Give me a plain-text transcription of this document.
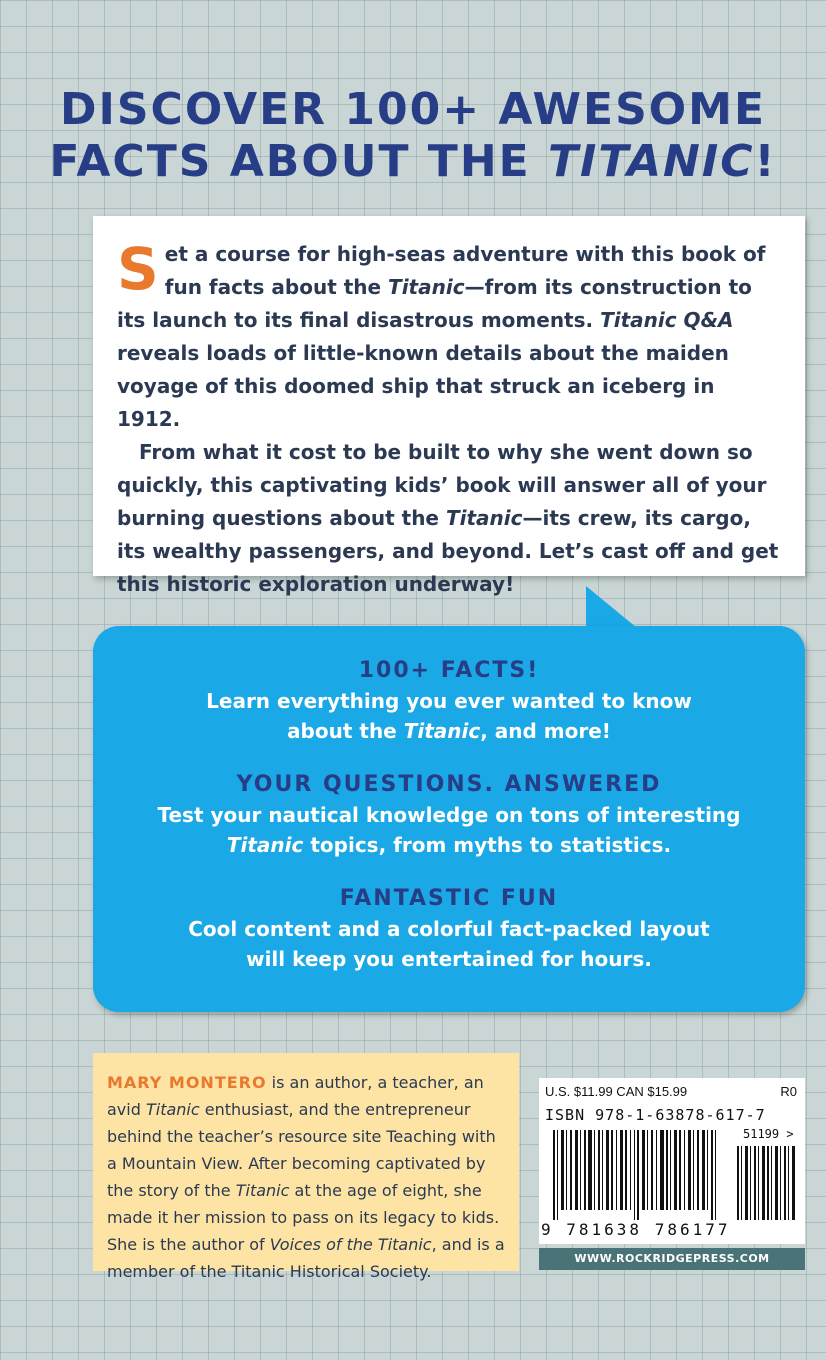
DISCOVER 100+ AWESOME
FACTS ABOUT THE TITANIC!

Set a course for high-seas adventure with this book of fun facts about the Titanic—from its construction to its launch to its final disastrous moments. Titanic Q&A reveals loads of little-known details about the maiden voyage of this doomed ship that struck an iceberg in 1912.

From what it cost to be built to why she went down so quickly, this captivating kids’ book will answer all of your burning questions about the Titanic—its crew, its cargo, its wealthy passengers, and beyond. Let’s cast off and get this historic exploration underway!

100+ FACTS!

Learn everything you ever wanted to know

about the Titanic, and more!

YOUR QUESTIONS. ANSWERED

Test your nautical knowledge on tons of interesting

Titanic topics, from myths to statistics.

FANTASTIC FUN

Cool content and a colorful fact-packed layout

will keep you entertained for hours.

MARY MONTERO is an author, a teacher, an avid Titanic enthusiast, and the entrepreneur behind the teacher’s resource site Teaching with a Mountain View. After becoming captivated by the story of the Titanic at the age of eight, she made it her mission to pass on its legacy to kids. She is the author of Voices of the Titanic, and is a member of the Titanic Historical Society.
U.S. $11.99 CAN $15.99	R0
ISBN 978-1-63878-617-7
51199 >
9 781638 786177
WWW.ROCKRIDGEPRESS.COM
